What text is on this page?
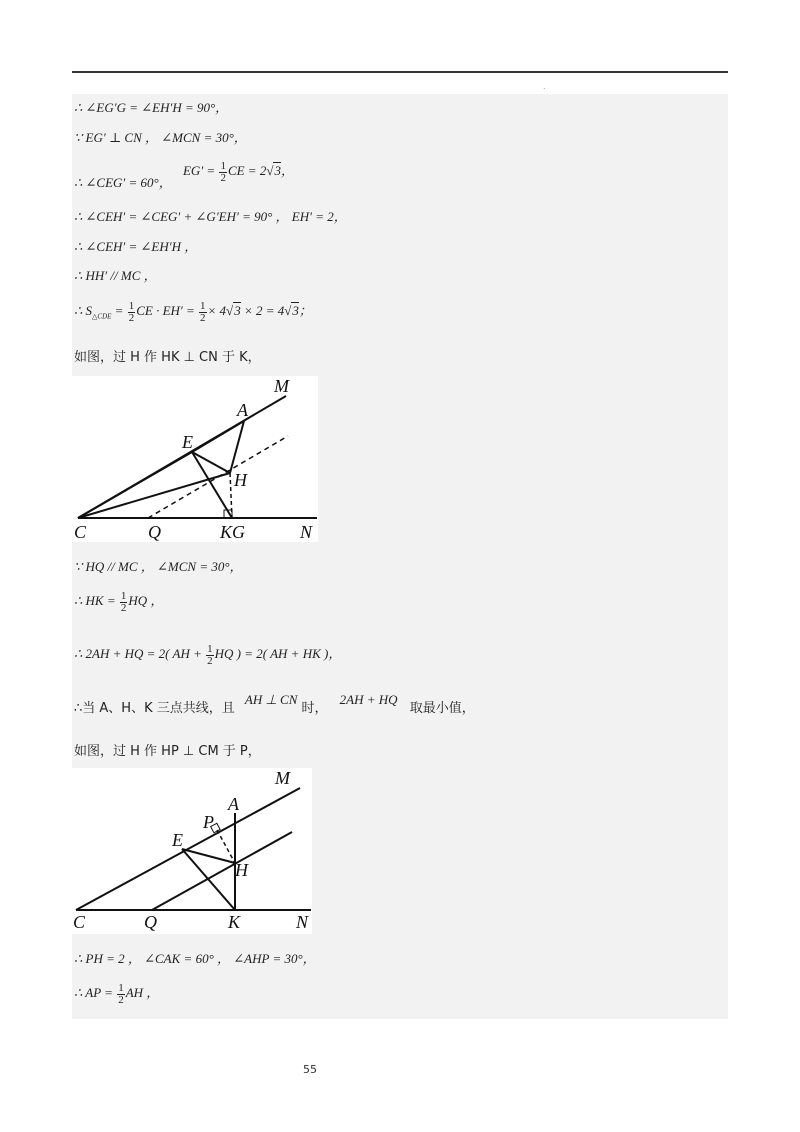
.
∴ ∠EG′G = ∠EH′H = 90°，
∵ EG′ ⊥ CN ， ∠MCN = 30°，
∴ ∠CEG′ = 60°， $EG' = \frac{1}{2}$ CE = 2√3，
∴ ∠CEH′ = ∠CEG′ + ∠G′EH′ = 90° ， EH′ = 2，
∴ ∠CEH′ = ∠EH′H ，
∴ HH′ // MC ，
∴ $S_{\triangle CDE} = \frac{1}{2}$ CE · $EH' = \frac{1}{2} \times 4√3 \times 2 = 4√3$；
如图，过 H 作 HK ⊥ CN 于 K，
M
A
E
H
C	Q	KG	N
∵ HQ // MC ， ∠MCN = 30°，
∴ HK = $\frac{1}{2}$ HQ ，
∴ 2AH + HQ = 2( AH + $\frac{1}{2}$ HQ ) = 2( AH + HK )，
∴当 A、H、K 三点共线，且 AH ⊥ CN 时， 2AH + HQ 取最小值，
如图，过 H 作 HP ⊥ CM 于 P，
M
A
P
E
H
C	Q	K	N
∴ PH = 2 ， ∠CAK = 60° ， ∠AHP = 30°，
∴ AP = $\frac{1}{2}$ AH ，
55
